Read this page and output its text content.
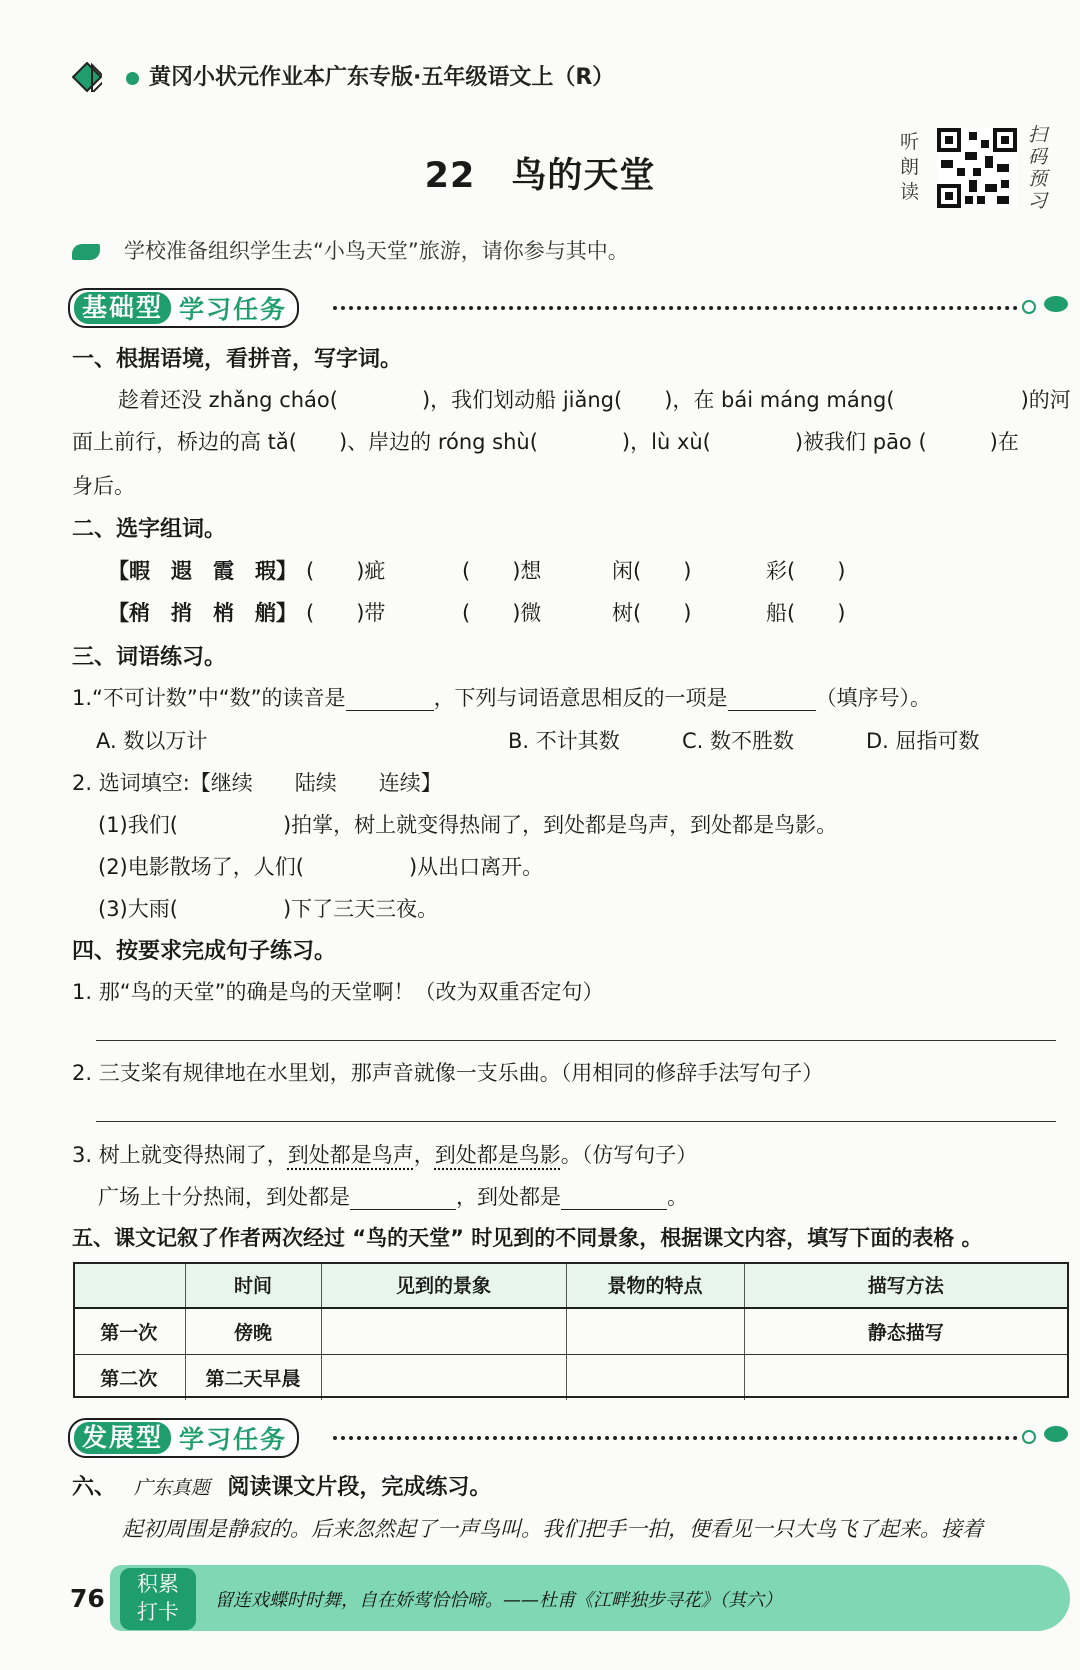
黄冈小状元作业本广东专版·五年级语文上（R）
22　鸟的天堂
听朗读
扫码预习
学校准备组织学生去“小鸟天堂”旅游，请你参与其中。
基础型 学习任务
一、根据语境，看拼音，写字词。
趁着还没 zhǎng cháo(　　　　)，我们划动船 jiǎng(　　)，在 bái máng máng(　　　　　　)的河
面上前行，桥边的高 tǎ(　　)、岸边的 róng shù(　　　　)，lù xù(　　　　)被我们 pāo (　　　)在
身后。
二、选字组词。
【暇　遐　霞　瑕】 (　　)疵	(　　)想	闲(　　)	彩(　　)
【稍　捎　梢　艄】 (　　)带	(　　)微	树(　　)	船(　　)
三、词语练习。
1.“不可计数”中“数”的读音是	，下列与词语意思相反的一项是	（填序号）。
A. 数以万计	B. 不计其数	C. 数不胜数	D. 屈指可数
2. 选词填空:【继续　　陆续　　连续】
(1)我们(　　　　　)拍掌，树上就变得热闹了，到处都是鸟声，到处都是鸟影。
(2)电影散场了，人们(　　　　　)从出口离开。
(3)大雨(　　　　　)下了三天三夜。
四、按要求完成句子练习。
1. 那“鸟的天堂”的确是鸟的天堂啊！（改为双重否定句）
2. 三支桨有规律地在水里划，那声音就像一支乐曲。（用相同的修辞手法写句子）
3. 树上就变得热闹了，到处都是鸟声，到处都是鸟影。（仿写句子）
广场上十分热闹，到处都是	，到处都是	。
五、课文记叙了作者两次经过 “鸟的天堂” 时见到的不同景象，根据课文内容，填写下面的表格 。
	时间	见到的景象	景物的特点	描写方法
第一次	傍晚			静态描写
第二次	第二天早晨			
发展型 学习任务
六、 广东真题 阅读课文片段，完成练习。
起初周围是静寂的。后来忽然起了一声鸟叫。我们把手一拍，便看见一只大鸟飞了起来。接着
76	积累
打卡	留连戏蝶时时舞，自在娇莺恰恰啼。——杜甫《江畔独步寻花》（其六）
